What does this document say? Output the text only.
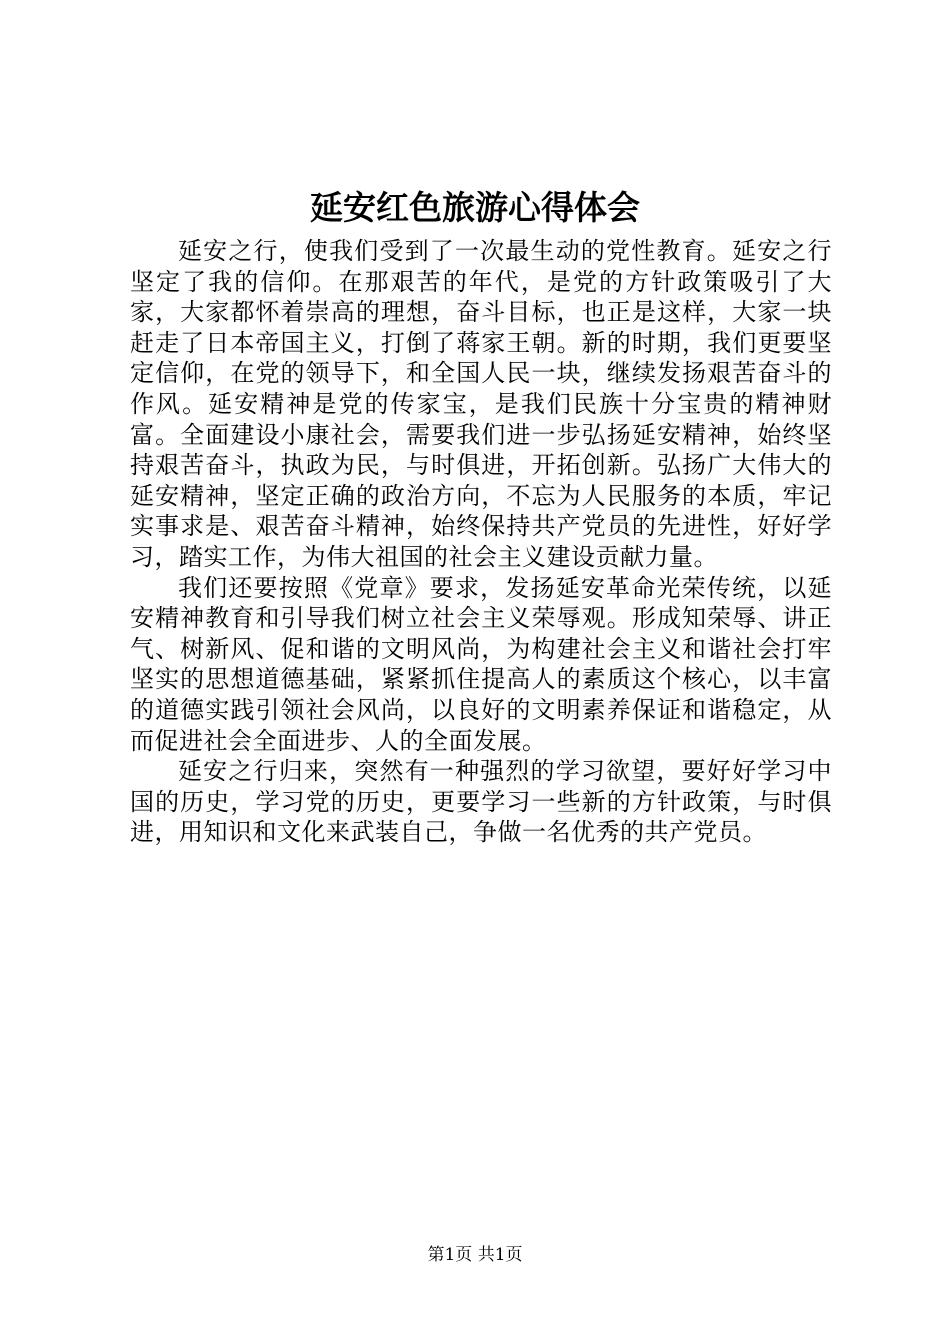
延安红色旅游心得体会

延安之行，使我们受到了一次最生动的党性教育。延安之行坚定了我的信仰。在那艰苦的年代，是党的方针政策吸引了大家，大家都怀着崇高的理想，奋斗目标，也正是这样，大家一块赶走了日本帝国主义，打倒了蒋家王朝。新的时期，我们更要坚定信仰，在党的领导下，和全国人民一块，继续发扬艰苦奋斗的作风。延安精神是党的传家宝，是我们民族十分宝贵的精神财富。全面建设小康社会，需要我们进一步弘扬延安精神，始终坚持艰苦奋斗，执政为民，与时俱进，开拓创新。弘扬广大伟大的延安精神，坚定正确的政治方向，不忘为人民服务的本质，牢记实事求是、艰苦奋斗精神，始终保持共产党员的先进性，好好学习，踏实工作，为伟大祖国的社会主义建设贡献力量。

我们还要按照《党章》要求，发扬延安革命光荣传统，以延安精神教育和引导我们树立社会主义荣辱观。形成知荣辱、讲正气、树新风、促和谐的文明风尚，为构建社会主义和谐社会打牢坚实的思想道德基础，紧紧抓住提高人的素质这个核心，以丰富的道德实践引领社会风尚，以良好的文明素养保证和谐稳定，从而促进社会全面进步、人的全面发展。

延安之行归来，突然有一种强烈的学习欲望，要好好学习中国的历史，学习党的历史，更要学习一些新的方针政策，与时俱进，用知识和文化来武装自己，争做一名优秀的共产党员。

第1页 共1页
